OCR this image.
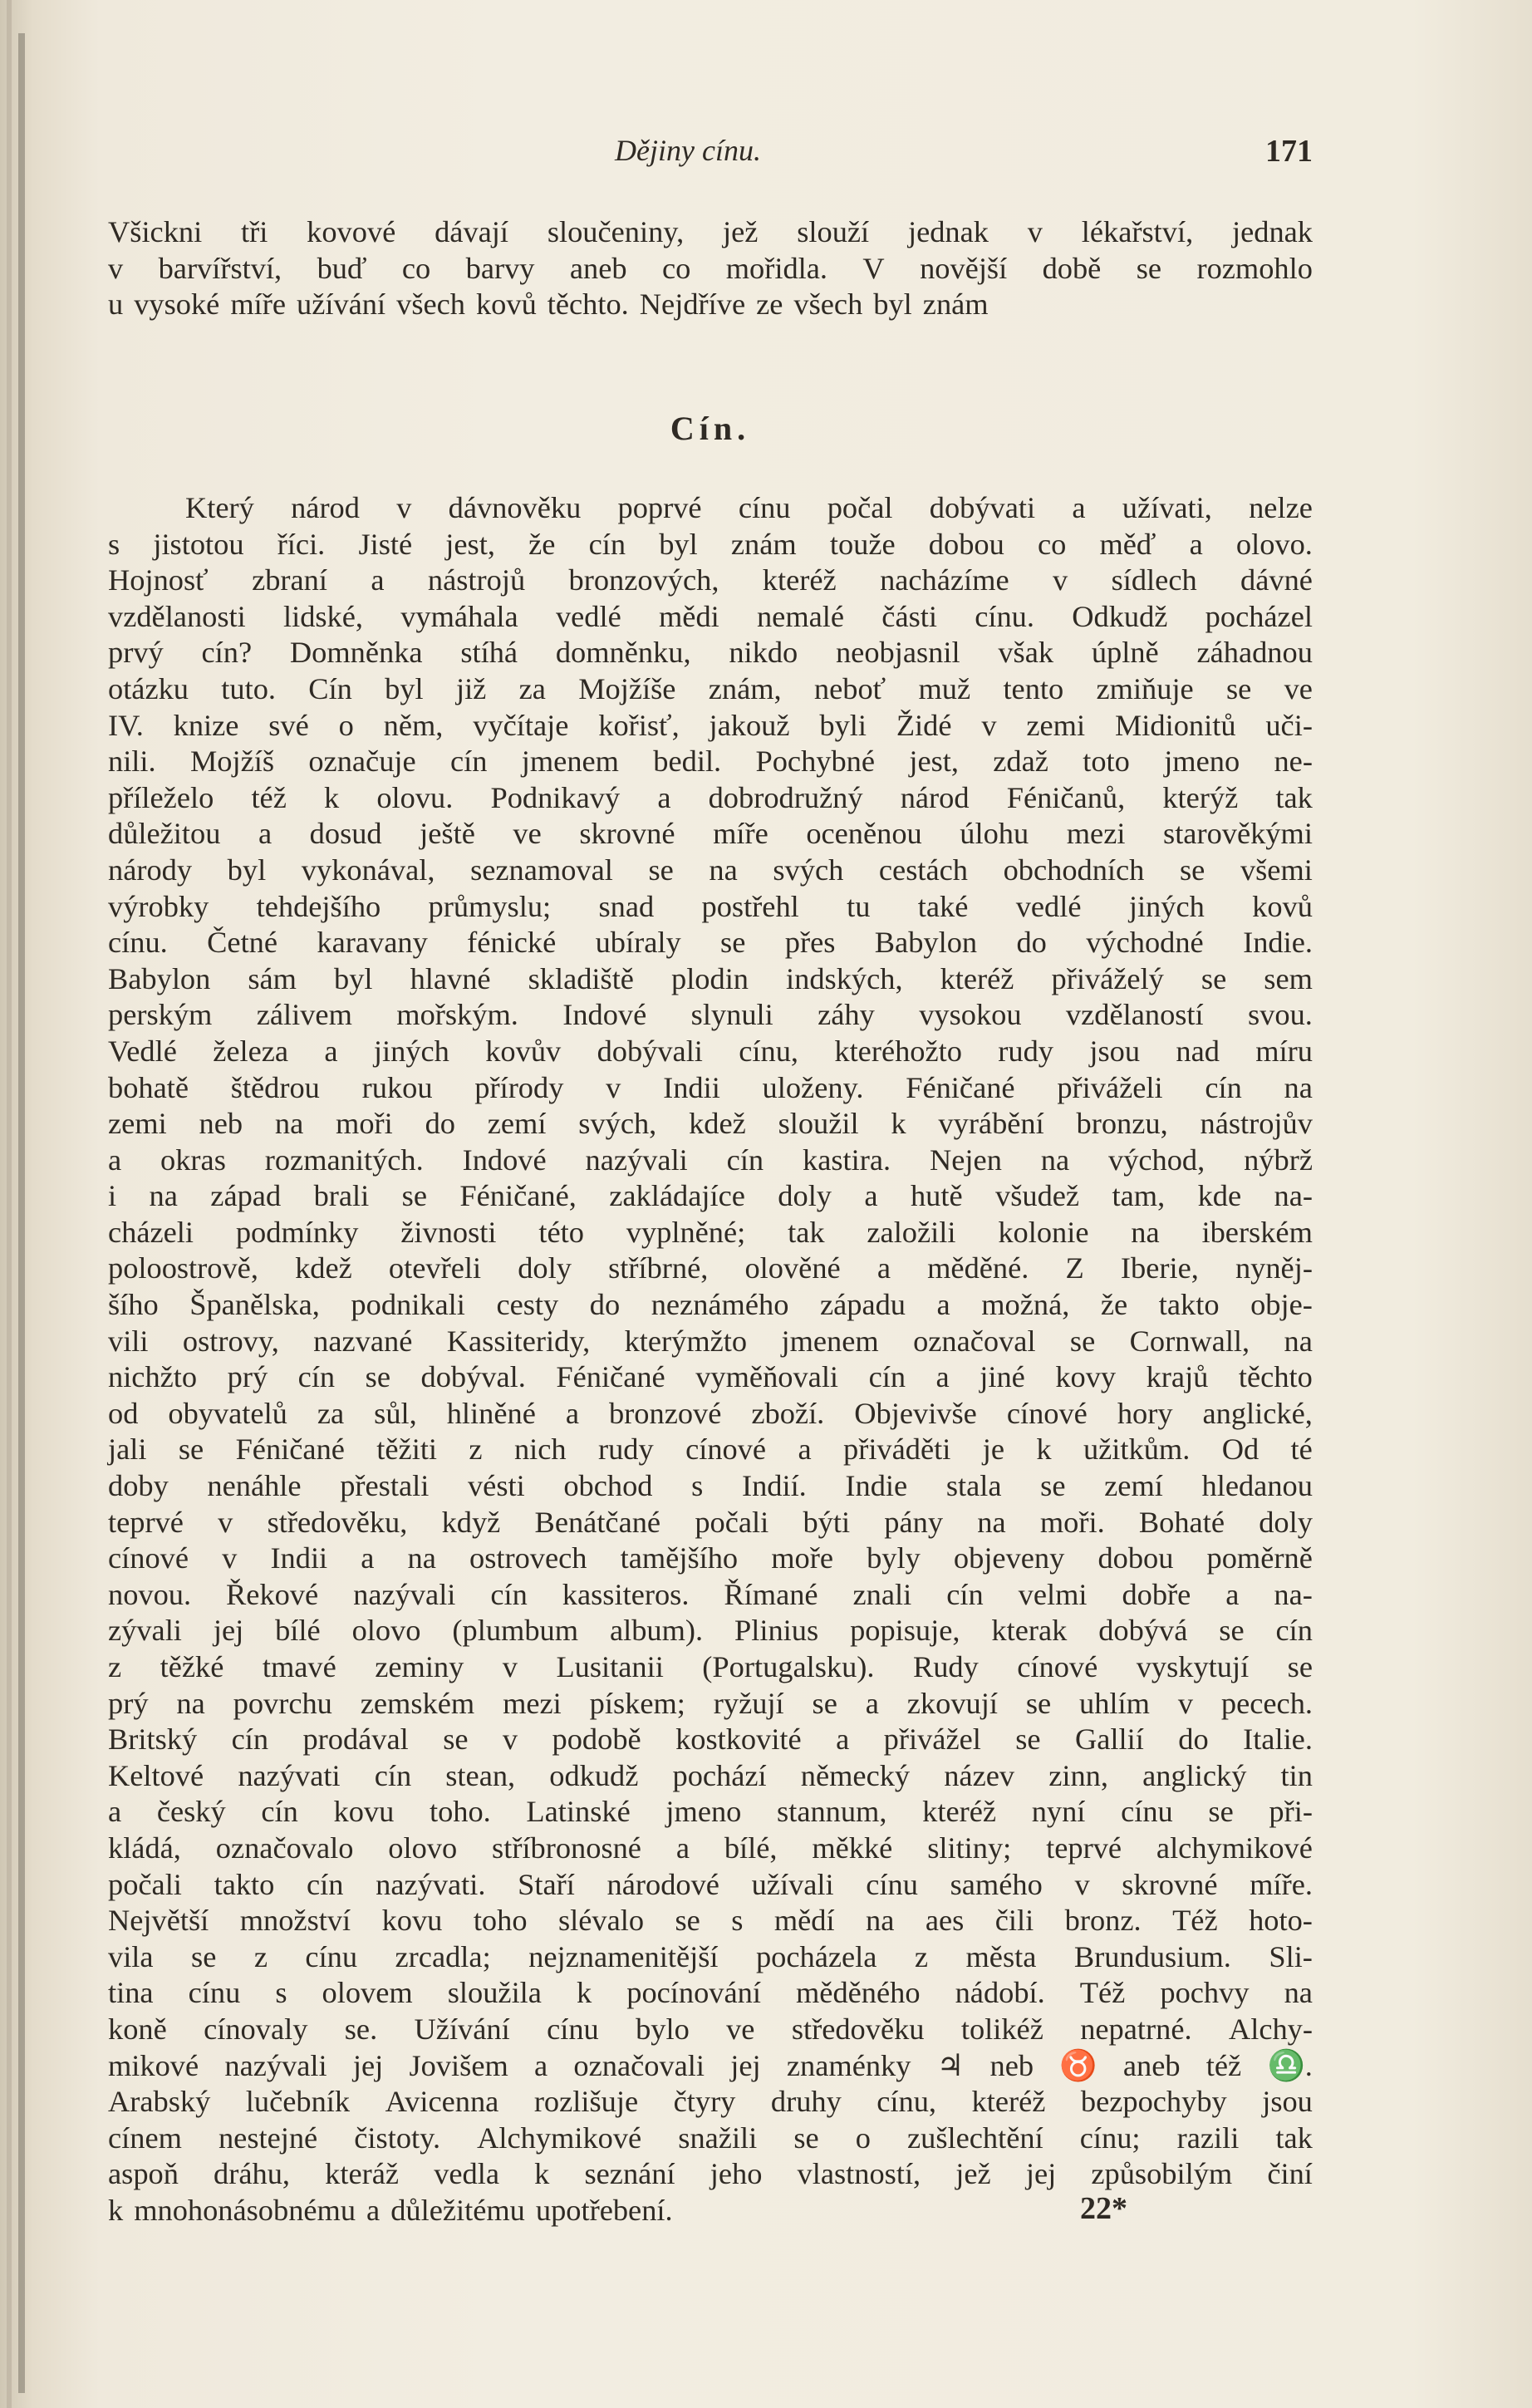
Dějiny cínu.	171
Všickni tři kovové dávají sloučeniny, jež slouží jednak v lékařství, jednak
v barvířství, buď co barvy aneb co mořidla. V novější době se rozmohlo
u vysoké míře užívání všech kovů těchto. Nejdříve ze všech byl znám
Cín.
Který národ v dávnověku poprvé cínu počal dobývati a užívati, nelze
s jistotou říci. Jisté jest, že cín byl znám touže dobou co měď a olovo.
Hojnosť zbraní a nástrojů bronzových, kteréž nacházíme v sídlech dávné
vzdělanosti lidské, vymáhala vedlé mědi nemalé části cínu. Odkudž pocházel
prvý cín? Domněnka stíhá domněnku, nikdo neobjasnil však úplně záhadnou
otázku tuto. Cín byl již za Mojžíše znám, neboť muž tento zmiňuje se ve
IV. knize své o něm, vyčítaje kořisť, jakouž byli Židé v zemi Midionitů uči-
nili. Mojžíš označuje cín jmenem bedil. Pochybné jest, zdaž toto jmeno ne-
příleželo též k olovu. Podnikavý a dobrodružný národ Féničanů, kterýž tak
důležitou a dosud ještě ve skrovné míře oceněnou úlohu mezi starověkými
národy byl vykonával, seznamoval se na svých cestách obchodních se všemi
výrobky tehdejšího průmyslu; snad postřehl tu také vedlé jiných kovů
cínu. Četné karavany fénické ubíraly se přes Babylon do východné Indie.
Babylon sám byl hlavné skladiště plodin indských, kteréž přiváželý se sem
perským zálivem mořským. Indové slynuli záhy vysokou vzdělaností svou.
Vedlé železa a jiných kovův dobývali cínu, kteréhožto rudy jsou nad míru
bohatě štědrou rukou přírody v Indii uloženy. Féničané přiváželi cín na
zemi neb na moři do zemí svých, kdež sloužil k vyrábění bronzu, nástrojův
a okras rozmanitých. Indové nazývali cín kastira. Nejen na východ, nýbrž
i na západ brali se Féničané, zakládajíce doly a hutě všudež tam, kde na-
cházeli podmínky živnosti této vyplněné; tak založili kolonie na iberském
poloostrově, kdež otevřeli doly stříbrné, olověné a měděné. Z Iberie, nyněj-
šího Španělska, podnikali cesty do neznámého západu a možná, že takto obje-
vili ostrovy, nazvané Kassiteridy, kterýmžto jmenem označoval se Cornwall, na
nichžto prý cín se dobýval. Féničané vyměňovali cín a jiné kovy krajů těchto
od obyvatelů za sůl, hliněné a bronzové zboží. Objevivše cínové hory anglické,
jali se Féničané těžiti z nich rudy cínové a přiváděti je k užitkům. Od té
doby nenáhle přestali vésti obchod s Indií. Indie stala se zemí hledanou
teprvé v středověku, když Benátčané počali býti pány na moři. Bohaté doly
cínové v Indii a na ostrovech tamějšího moře byly objeveny dobou poměrně
novou. Řekové nazývali cín kassiteros. Římané znali cín velmi dobře a na-
zývali jej bílé olovo (plumbum album). Plinius popisuje, kterak dobývá se cín
z těžké tmavé zeminy v Lusitanii (Portugalsku). Rudy cínové vyskytují se
prý na povrchu zemském mezi pískem; ryžují se a zkovují se uhlím v pecech.
Britský cín prodával se v podobě kostkovité a přivážel se Gallií do Italie.
Keltové nazývati cín stean, odkudž pochází německý název zinn, anglický tin
a český cín kovu toho. Latinské jmeno stannum, kteréž nyní cínu se při-
kládá, označovalo olovo stříbronosné a bílé, měkké slitiny; teprvé alchymikové
počali takto cín nazývati. Staří národové užívali cínu samého v skrovné míře.
Největší množství kovu toho slévalo se s mědí na aes čili bronz. Též hoto-
vila se z cínu zrcadla; nejznamenitější pocházela z města Brundusium. Sli-
tina cínu s olovem sloužila k pocínování měděného nádobí. Též pochvy na
koně cínovaly se. Užívání cínu bylo ve středověku tolikéž nepatrné. Alchy-
mikové nazývali jej Jovišem a označovali jej znaménky ♃ neb ♉ aneb též ♎.
Arabský lučebník Avicenna rozlišuje čtyry druhy cínu, kteréž bezpochyby jsou
cínem nestejné čistoty. Alchymikové snažili se o zušlechtění cínu; razili tak
aspoň dráhu, kteráž vedla k seznání jeho vlastností, jež jej způsobilým činí
k mnohonásobnému a důležitému upotřebení.	22*
